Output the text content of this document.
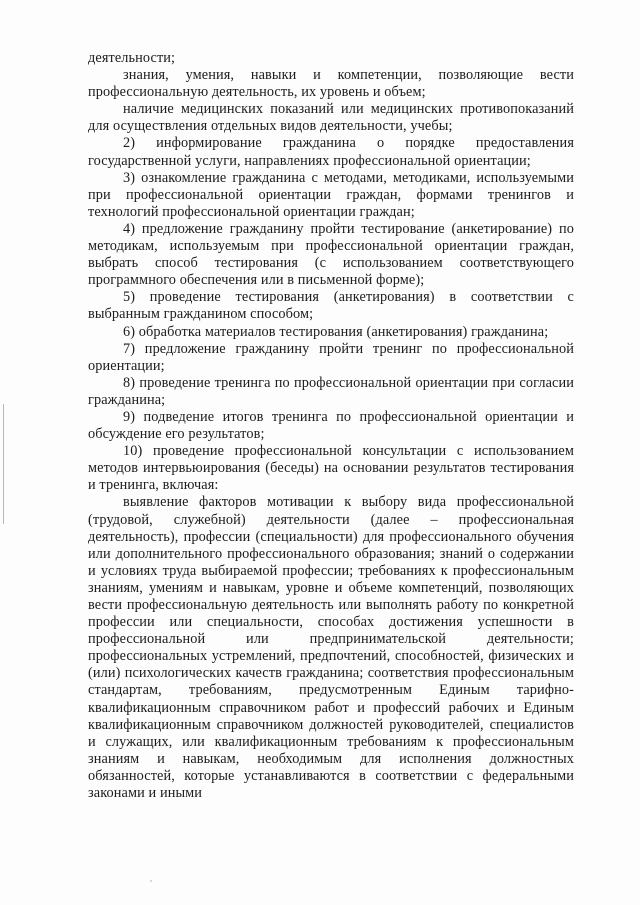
деятельности;

знания, умения, навыки и компетенции, позволяющие вести профессиональную деятельность, их уровень и объем;

наличие медицинских показаний или медицинских противопоказаний для осуществления отдельных видов деятельности, учебы;

2) информирование гражданина о порядке предоставления государственной услуги, направлениях профессиональной ориентации;

3) ознакомление гражданина с методами, методиками, используемыми при профессиональной ориентации граждан, формами тренингов и технологий профессиональной ориентации граждан;

4) предложение гражданину пройти тестирование (анкетирование) по методикам, используемым при профессиональной ориентации граждан, выбрать способ тестирования (с использованием соответствующего программного обеспечения или в письменной форме);

5) проведение тестирования (анкетирования) в соответствии с выбранным гражданином способом;

6) обработка материалов тестирования (анкетирования) гражданина;

7) предложение гражданину пройти тренинг по профессиональной ориентации;

8) проведение тренинга по профессиональной ориентации при согласии гражданина;

9) подведение итогов тренинга по профессиональной ориентации и обсуждение его результатов;

10) проведение профессиональной консультации с использованием методов интервьюирования (беседы) на основании результатов тестирования и тренинга, включая:

выявление факторов мотивации к выбору вида профессиональной (трудовой, служебной) деятельности (далее – профессиональная деятельность), профессии (специальности) для профессионального обучения или дополнительного профессионального образования; знаний о содержании и условиях труда выбираемой профессии; требованиях к профессиональным знаниям, умениям и навыкам, уровне и объеме компетенций, позволяющих вести профессиональную деятельность или выполнять работу по конкретной профессии или специальности, способах достижения успешности в профессиональной или предпринимательской деятельности; профессиональных устремлений, предпочтений, способностей, физических и (или) психологических качеств гражданина; соответствия профессиональным стандартам, требованиям, предусмотренным Единым тарифно-квалификационным справочником работ и профессий рабочих и Единым квалификационным справочником должностей руководителей, специалистов и служащих, или квалификационным требованиям к профессиональным знаниям и навыкам, необходимым для исполнения должностных обязанностей, которые устанавливаются в соответствии с федеральными законами и иными
